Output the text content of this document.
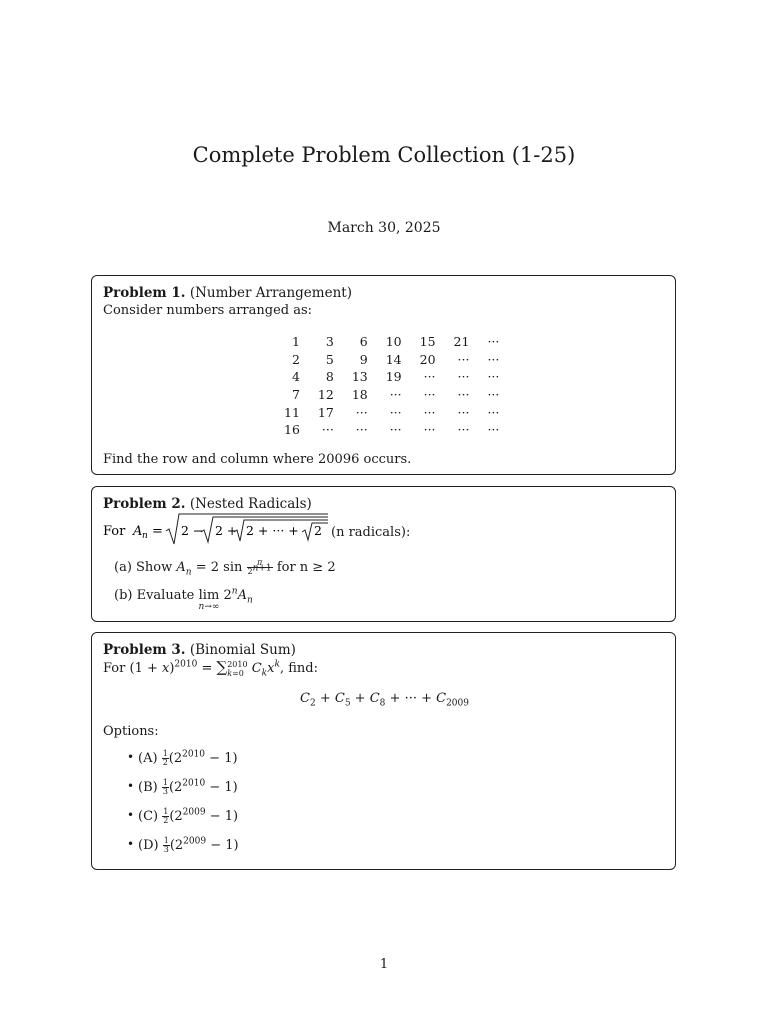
Complete Problem Collection (1-25)
March 30, 2025
Problem 1. (Number Arrangement)
Consider numbers arranged as:
1	3	6	10	15	21	···
2	5	9	14	20	···	···
4	8	13	19	···	···	···
7	12	18	···	···	···	···
11	17	···	···	···	···	···
16	···	···	···	···	···	···
Find the row and column where 20096 occurs.
Problem 2. (Nested Radicals)
For A n = 2 − 2 + 2 + ··· + 2 (n radicals):
(a) Show $A_n = 2$ $\sin \frac{\pi}{2^{n+1}}$ for n ≥ 2
(b) Evaluate lim
n→∞
$2^nA_n$
Problem 3. (Binomial Sum)
For $(1 + x)^{2010} = \sum 2010$
k=0 $C_kx^k$, find:
$C_2 + C_5 + C_8$ + ··· + $C_{2009}$
Options:
• $(A) \frac{1}{2} (2^{2010} - 1)$
• $(B) \frac{1}{3} (2^{2010} - 1)$
• $(C) \frac{1}{2} (2^{2009} - 1)$
• $(D) \frac{1}{3} (2^{2009} - 1)$
1
